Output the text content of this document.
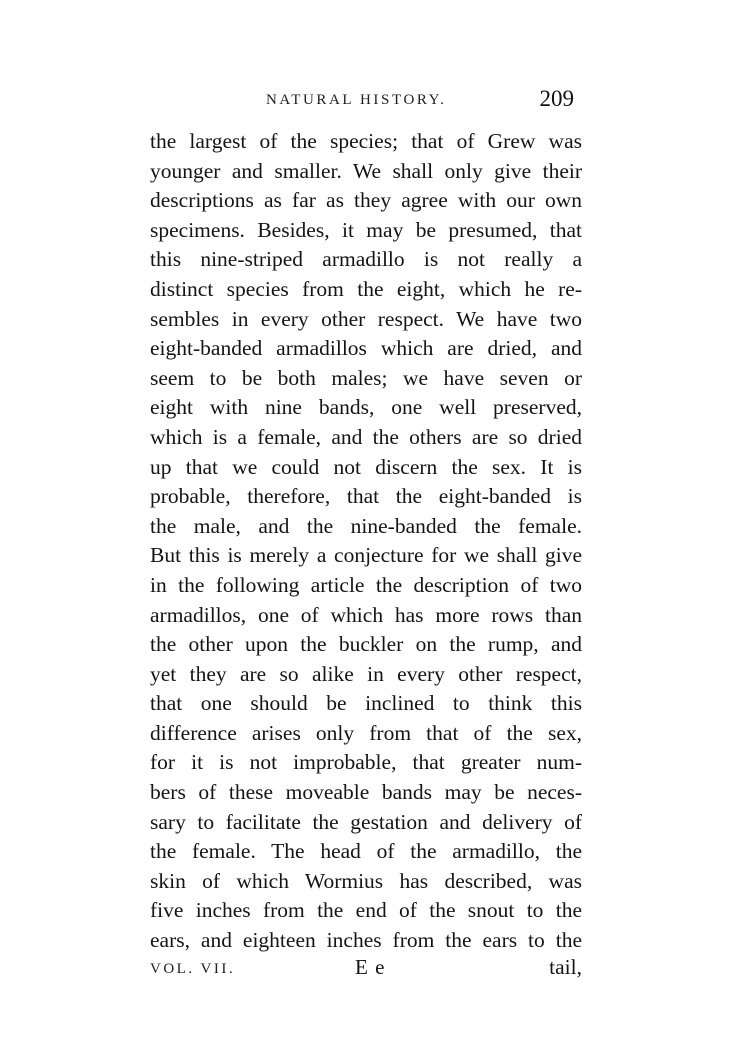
NATURAL HISTORY.	209
the largest of the species; that of Grew was
younger and smaller. We shall only give their
descriptions as far as they agree with our own
specimens. Besides, it may be presumed, that
this nine-striped armadillo is not really a
distinct species from the eight, which he re-
sembles in every other respect. We have two
eight-banded armadillos which are dried, and
seem to be both males; we have seven or
eight with nine bands, one well preserved,
which is a female, and the others are so dried
up that we could not discern the sex. It is
probable, therefore, that the eight-banded is
the male, and the nine-banded the female.
But this is merely a conjecture for we shall give
in the following article the description of two
armadillos, one of which has more rows than
the other upon the buckler on the rump, and
yet they are so alike in every other respect,
that one should be inclined to think this
difference arises only from that of the sex,
for it is not improbable, that greater num-
bers of these moveable bands may be neces-
sary to facilitate the gestation and delivery of
the female. The head of the armadillo, the
skin of which Wormius has described, was
five inches from the end of the snout to the
ears, and eighteen inches from the ears to the
VOL. VII.	E e	tail,
